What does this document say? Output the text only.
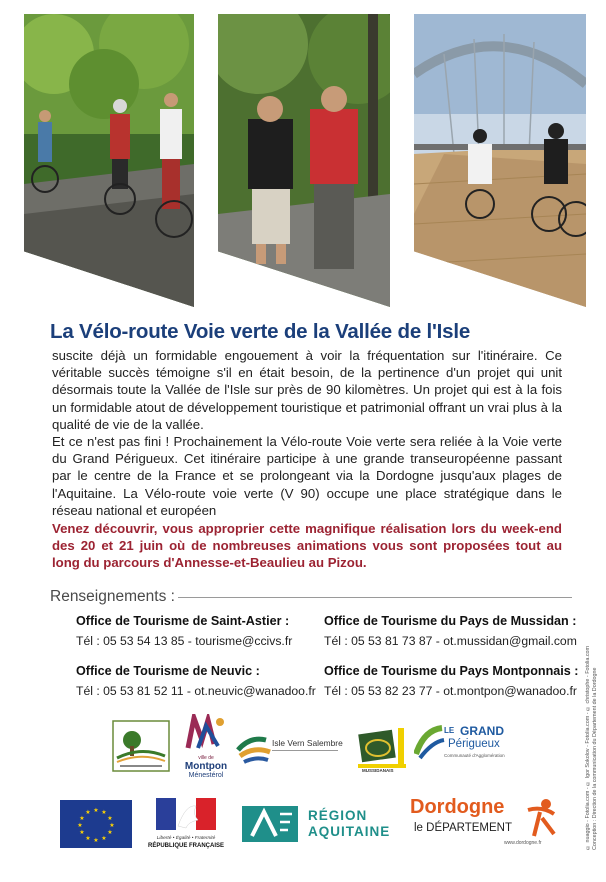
La Vélo-route Voie verte de la Vallée de l'Isle

suscite déjà un formidable engouement à voir la fréquentation sur l'itinéraire. Ce véritable succès témoigne s'il en était besoin, de la pertinence d'un projet qui unit désormais toute la Vallée de l'Isle sur près de 90 kilomètres. Un projet qui est à la fois un formidable atout de développement touristique et patrimonial offrant un vrai plus à la qualité de vie de la vallée.

Et ce n'est pas fini ! Prochainement la Vélo-route Voie verte sera reliée à la Voie verte du Grand Périgueux. Cet itinéraire participe à une grande transeuropéenne passant par le centre de la France et se prolongeant via la Dordogne jusqu'aux plages de l'Aquitaine. La Vélo-route voie verte (V 90) occupe une place stratégique dans le réseau national et européen

Venez découvrir, vous approprier cette magnifique réalisation lors du week-end des 20 et 21 juin où de nombreuses animations vous sont proposées tout au long du parcours d'Annesse-et-Beaulieu au Pizou.

Renseignements :

Office de Tourisme de Saint-Astier :

Tél : 05 53 54 13 85 - tourisme@ccivs.fr

Office de Tourisme du Pays de Mussidan :

Tél : 05 53 81 73 87 - ot.mussidan@gmail.com

Office de Tourisme de Neuvic :

Tél : 05 53 81 52 11 - ot.neuvic@wanadoo.fr

Office de Tourisme du Pays Montponnais :

Tél : 05 53 82 23 77 - ot.montpon@wanadoo.fr

ville de
Montpon
Ménestérol
Isle Vern Salembre
MUSSIDANAIS
LE GRAND
Périgueux
Communauté d'Agglomération
★ ★
★
★
★
★
★
★
★
★
★
★
Liberté • Égalité • Fraternité
RÉPUBLIQUE FRANÇAISE
RÉGION
AQUITAINE
Dordogne
le DÉPARTEMENT
www.dordogne.fr	© nuaggio - Fotolia.com - © Igor Sokolov - Fotolia.com - © christophe - Fotolia.com Conception : Direction de la communication du Département de la Dordogne
